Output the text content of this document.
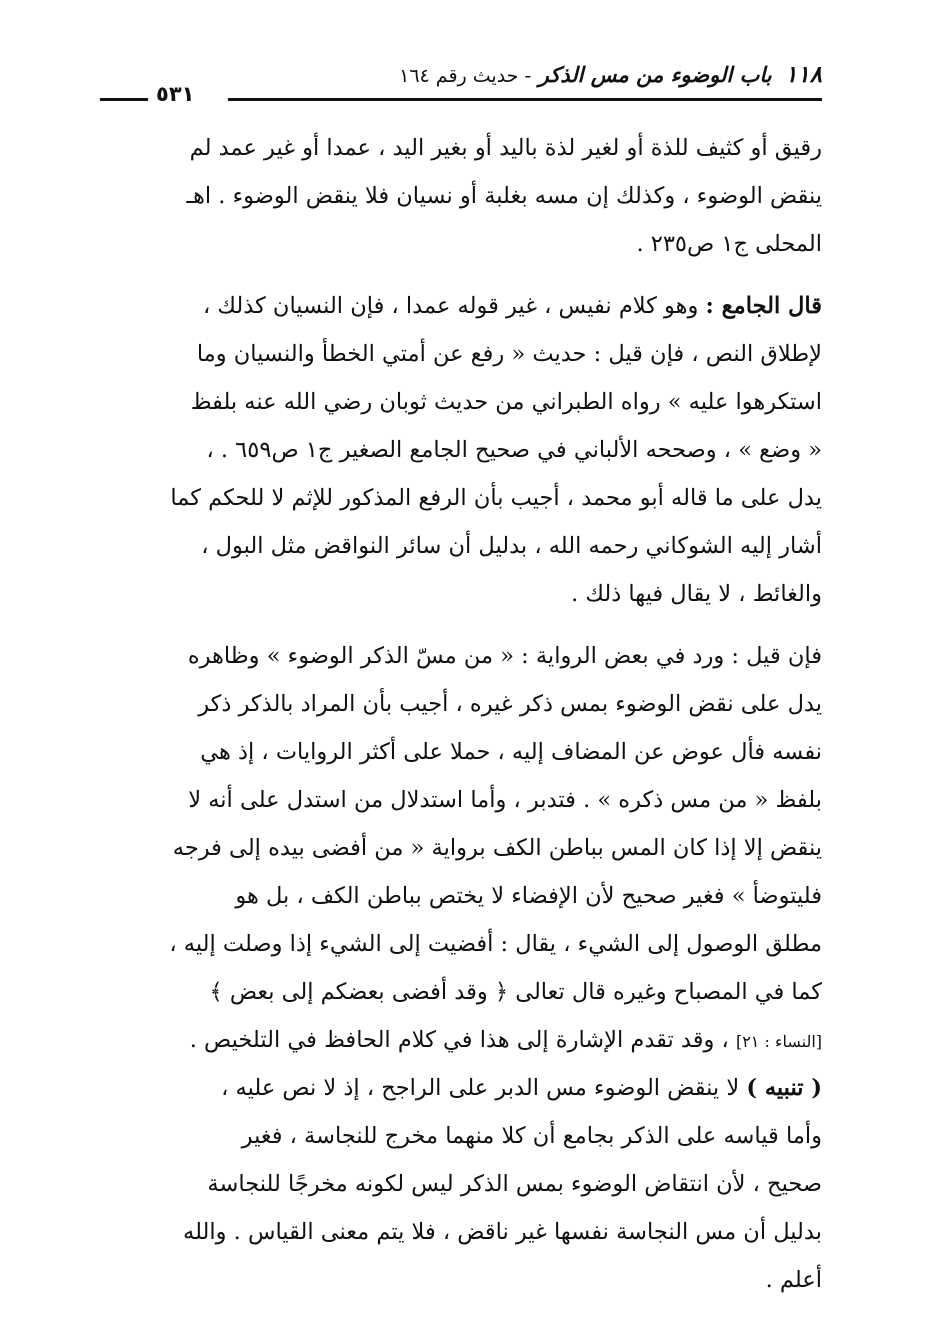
١١٨ باب الوضوء من مس الذكر - حديث رقم ١٦٤
٥٣١
رقيق أو كثيف للذة أو لغير لذة باليد أو بغير اليد ، عمدا أو غير عمد لم
ينقض الوضوء ، وكذلك إن مسه بغلبة أو نسيان فلا ينقض الوضوء . اهـ
المحلى ج١ ص٢٣٥ .
قال الجامع : وهو كلام نفيس ، غير قوله عمدا ، فإن النسيان كذلك ،
لإطلاق النص ، فإن قيل : حديث « رفع عن أمتي الخطأ والنسيان وما
استكرهوا عليه » رواه الطبراني من حديث ثوبان رضي الله عنه بلفظ
« وضع » ، وصححه الألباني في صحيح الجامع الصغير ج١ ص٦٥٩ . ،
يدل على ما قاله أبو محمد ، أجيب بأن الرفع المذكور للإثم لا للحكم كما
أشار إليه الشوكاني رحمه الله ، بدليل أن سائر النواقض مثل البول ،
والغائط ، لا يقال فيها ذلك .
فإن قيل : ورد في بعض الرواية : « من مسّ الذكر الوضوء » وظاهره
يدل على نقض الوضوء بمس ذكر غيره ، أجيب بأن المراد بالذكر ذكر
نفسه فأل عوض عن المضاف إليه ، حملا على أكثر الروايات ، إذ هي
بلفظ « من مس ذكره » . فتدبر ، وأما استدلال من استدل على أنه لا
ينقض إلا إذا كان المس بباطن الكف برواية « من أفضى بيده إلى فرجه
فليتوضأ » فغير صحيح لأن الإفضاء لا يختص بباطن الكف ، بل هو
مطلق الوصول إلى الشيء ، يقال : أفضيت إلى الشيء إذا وصلت إليه ،
كما في المصباح وغيره قال تعالى ﴿ وقد أفضى بعضكم إلى بعض ﴾
[النساء : ٢١] ، وقد تقدم الإشارة إلى هذا في كلام الحافظ في التلخيص .
( تنبيه ) لا ينقض الوضوء مس الدبر على الراجح ، إذ لا نص عليه ،
وأما قياسه على الذكر بجامع أن كلا منهما مخرج للنجاسة ، فغير
صحيح ، لأن انتقاض الوضوء بمس الذكر ليس لكونه مخرجًا للنجاسة
بدليل أن مس النجاسة نفسها غير ناقض ، فلا يتم معنى القياس . والله
أعلم .
